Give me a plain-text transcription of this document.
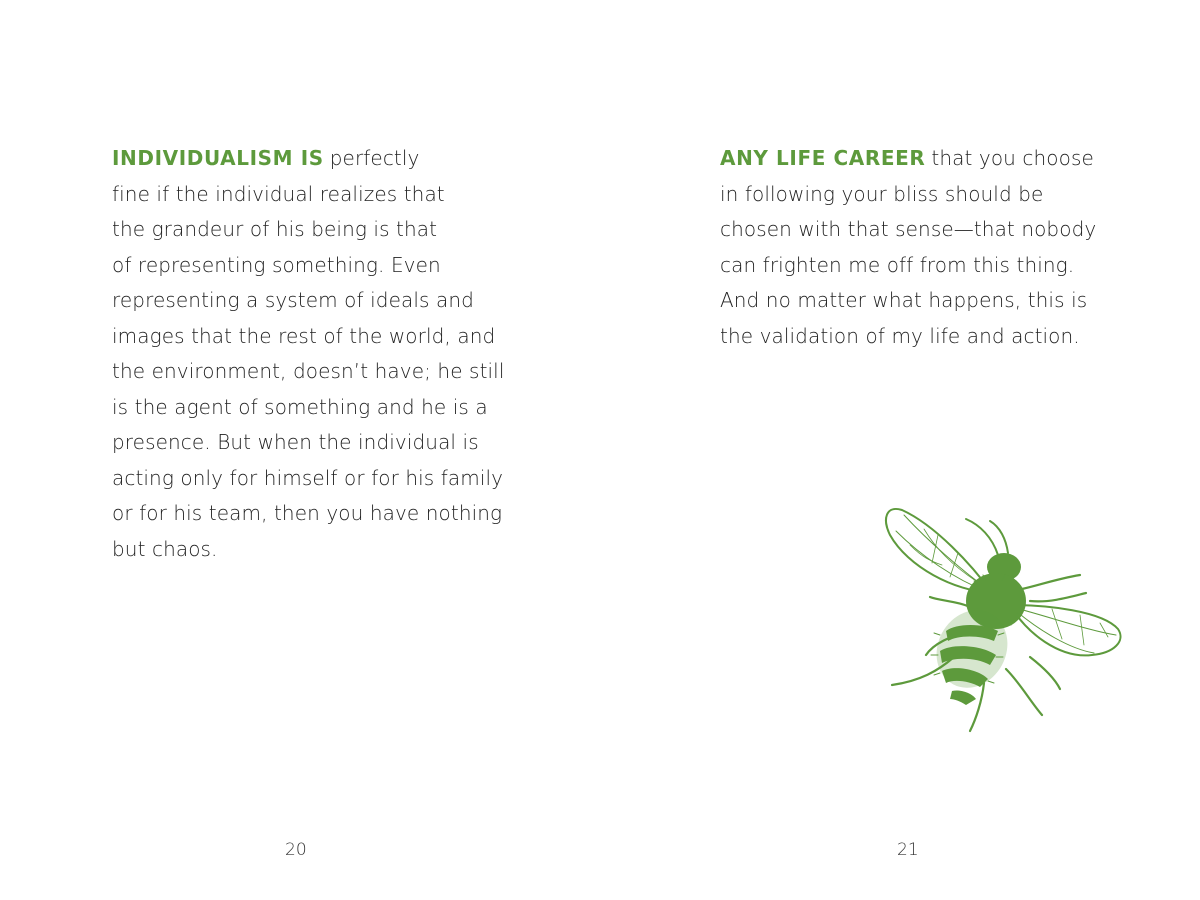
INDIVIDUALISM IS perfectly
fine if the individual realizes that
the grandeur of his being is that
of representing something. Even
representing a system of ideals and
images that the rest of the world, and
the environment, doesn’t have; he still
is the agent of something and he is a
presence. But when the individual is
acting only for himself or for his family
or for his team, then you have nothing
but chaos.
20
ANY LIFE CAREER that you choose
in following your bliss should be
chosen with that sense—that nobody
can frighten me off from this thing.
And no matter what happens, this is
the validation of my life and action.
21
